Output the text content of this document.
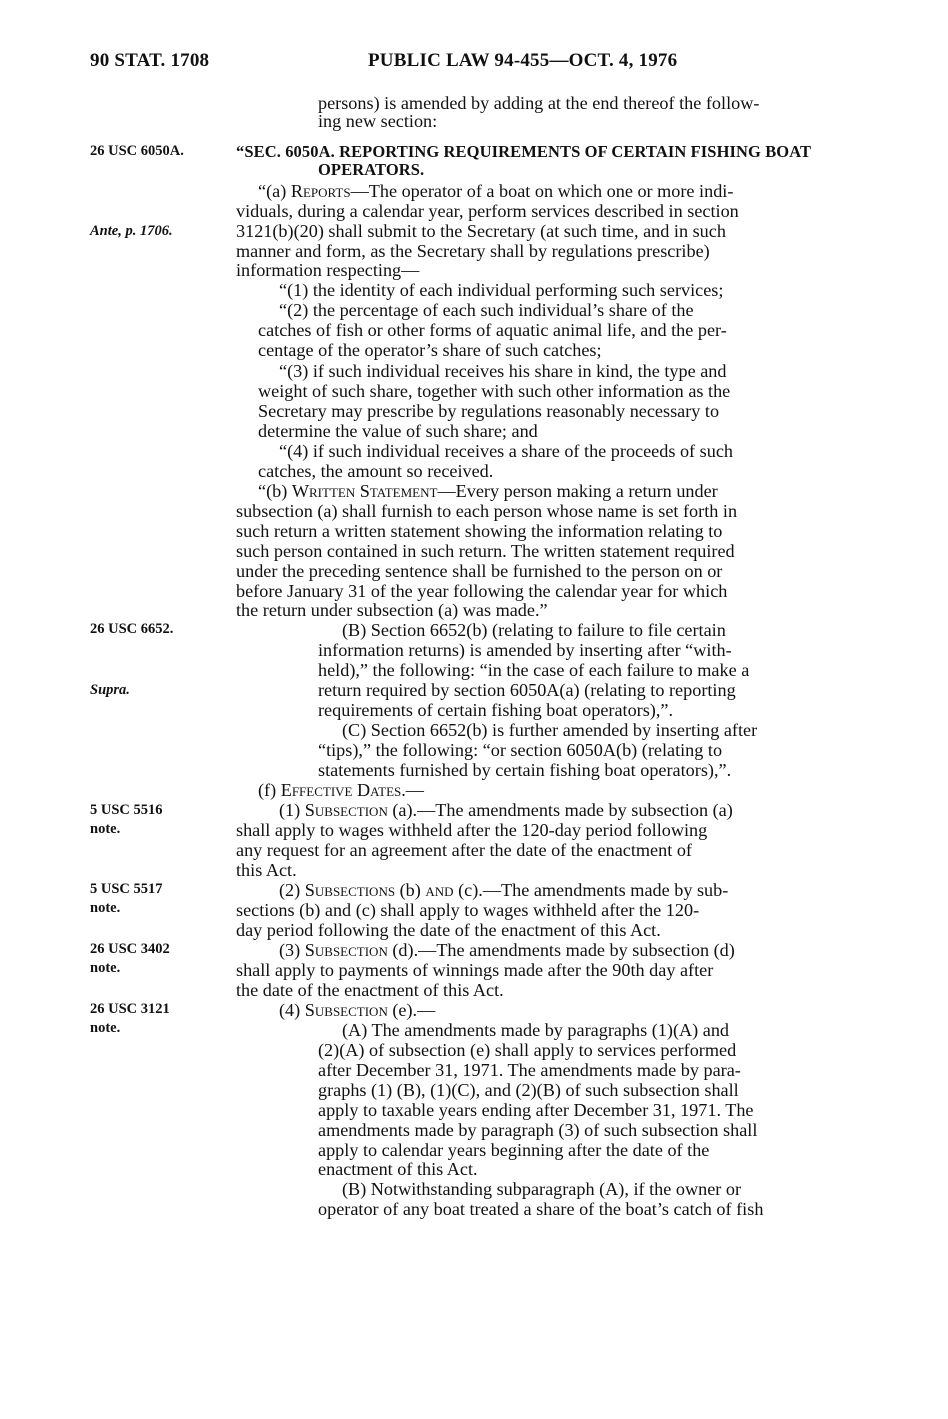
90 STAT. 1708	PUBLIC LAW 94-455—OCT. 4, 1976
26 USC 6050A.
Ante, p. 1706.
26 USC 6652.
Supra.
5 USC 5516
note.
5 USC 5517
note.
26 USC 3402
note.
26 USC 3121
note.
persons) is amended by adding at the end thereof the follow-
ing new section:
“SEC. 6050A. REPORTING REQUIREMENTS OF CERTAIN FISHING BOAT
OPERATORS.
“(a) Reports—The operator of a boat on which one or more indi-
viduals, during a calendar year, perform services described in section
3121(b)(20) shall submit to the Secretary (at such time, and in such
manner and form, as the Secretary shall by regulations prescribe)
information respecting—
“(1) the identity of each individual performing such services;
“(2) the percentage of each such individual’s share of the
catches of fish or other forms of aquatic animal life, and the per-
centage of the operator’s share of such catches;
“(3) if such individual receives his share in kind, the type and
weight of such share, together with such other information as the
Secretary may prescribe by regulations reasonably necessary to
determine the value of such share; and
“(4) if such individual receives a share of the proceeds of such
catches, the amount so received.
“(b) Written Statement—Every person making a return under
subsection (a) shall furnish to each person whose name is set forth in
such return a written statement showing the information relating to
such person contained in such return. The written statement required
under the preceding sentence shall be furnished to the person on or
before January 31 of the year following the calendar year for which
the return under subsection (a) was made.”
(B) Section 6652(b) (relating to failure to file certain
information returns) is amended by inserting after “with-
held),” the following: “in the case of each failure to make a
return required by section 6050A(a) (relating to reporting
requirements of certain fishing boat operators),”.
(C) Section 6652(b) is further amended by inserting after
“tips),” the following: “or section 6050A(b) (relating to
statements furnished by certain fishing boat operators),”.
(f) Effective Dates.—
(1) Subsection (a).—The amendments made by subsection (a)
shall apply to wages withheld after the 120-day period following
any request for an agreement after the date of the enactment of
this Act.
(2) Subsections (b) and (c).—The amendments made by sub-
sections (b) and (c) shall apply to wages withheld after the 120-
day period following the date of the enactment of this Act.
(3) Subsection (d).—The amendments made by subsection (d)
shall apply to payments of winnings made after the 90th day after
the date of the enactment of this Act.
(4) Subsection (e).—
(A) The amendments made by paragraphs (1)(A) and
(2)(A) of subsection (e) shall apply to services performed
after December 31, 1971. The amendments made by para-
graphs (1) (B), (1)(C), and (2)(B) of such subsection shall
apply to taxable years ending after December 31, 1971. The
amendments made by paragraph (3) of such subsection shall
apply to calendar years beginning after the date of the
enactment of this Act.
(B) Notwithstanding subparagraph (A), if the owner or
operator of any boat treated a share of the boat’s catch of fish
